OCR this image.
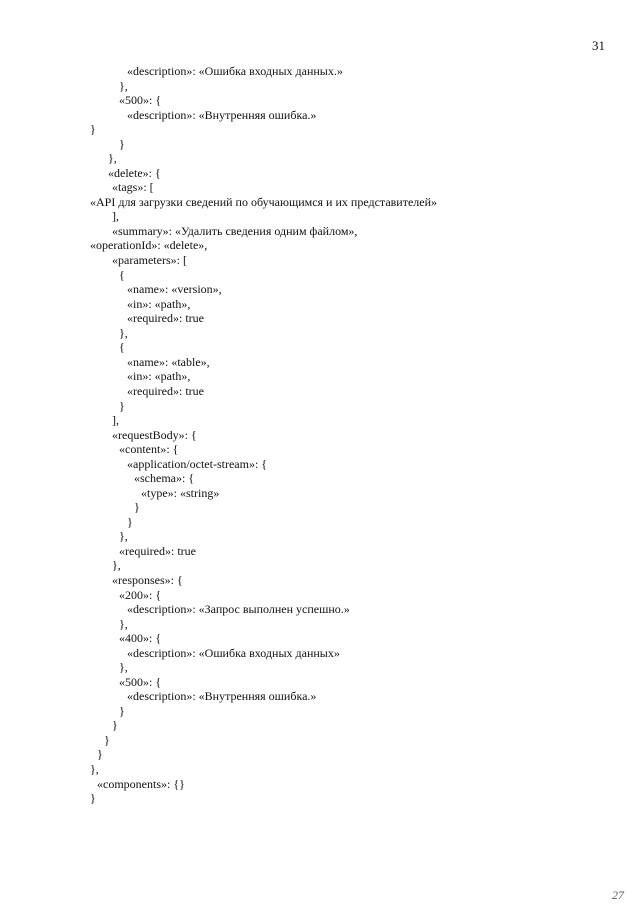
31
«description»: «Ошибка входных данных.»
},
«500»: {
«description»: «Внутренняя ошибка.»
}
}
},
«delete»: {
«tags»: [
«API для загрузки сведений по обучающимся и их представителей»
],
«summary»: «Удалить сведения одним файлом»,
«operationId»: «delete»,
«parameters»: [
{
«name»: «version»,
«in»: «path»,
«required»: true
},
{
«name»: «table»,
«in»: «path»,
«required»: true
}
],
«requestBody»: {
«content»: {
«application/octet-stream»: {
«schema»: {
«type»: «string»
}
}
},
«required»: true
},
«responses»: {
«200»: {
«description»: «Запрос выполнен успешно.»
},
«400»: {
«description»: «Ошибка входных данных»
},
«500»: {
«description»: «Внутренняя ошибка.»
}
}
}
}
},
«components»: {}
}
27
